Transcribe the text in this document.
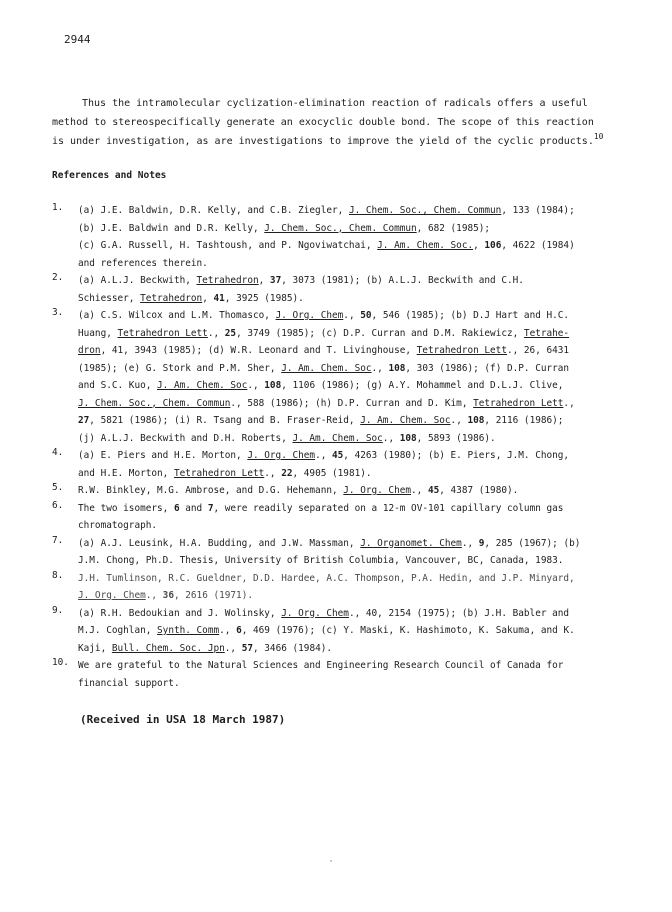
2944
Thus the intramolecular cyclization-elimination reaction of radicals offers a useful
method to stereospecifically generate an exocyclic double bond. The scope of this reaction
is under investigation, as are investigations to improve the yield of the cyclic products.$^{10}$
References and Notes
1.	(a) J.E. Baldwin, D.R. Kelly, and C.B. Ziegler, J. Chem. Soc., Chem. Commun, 133 (1984);
(b) J.E. Baldwin and D.R. Kelly, J. Chem. Soc., Chem. Commun, 682 (1985);
(c) G.A. Russell, H. Tashtoush, and P. Ngoviwatchai, J. Am. Chem. Soc., 106, 4622 (1984)
and references therein.
2.	(a) A.L.J. Beckwith, Tetrahedron, 37, 3073 (1981); (b) A.L.J. Beckwith and C.H.
Schiesser, Tetrahedron, 41, 3925 (1985).
3.	(a) C.S. Wilcox and L.M. Thomasco, J. Org. Chem., 50, 546 (1985); (b) D.J Hart and H.C.
Huang, Tetrahedron Lett., 25, 3749 (1985); (c) D.P. Curran and D.M. Rakiewicz, Tetrahe-
dron, 41, 3943 (1985); (d) W.R. Leonard and T. Livinghouse, Tetrahedron Lett., 26, 6431
(1985); (e) G. Stork and P.M. Sher, J. Am. Chem. Soc., 108, 303 (1986); (f) D.P. Curran
and S.C. Kuo, J. Am. Chem. Soc., 108, 1106 (1986); (g) A.Y. Mohammel and D.L.J. Clive,
J. Chem. Soc., Chem. Commun., 588 (1986); (h) D.P. Curran and D. Kim, Tetrahedron Lett.,
27, 5821 (1986); (i) R. Tsang and B. Fraser-Reid, J. Am. Chem. Soc., 108, 2116 (1986);
(j) A.L.J. Beckwith and D.H. Roberts, J. Am. Chem. Soc., 108, 5893 (1986).
4.	(a) E. Piers and H.E. Morton, J. Org. Chem., 45, 4263 (1980); (b) E. Piers, J.M. Chong,
and H.E. Morton, Tetrahedron Lett., 22, 4905 (1981).
5.	R.W. Binkley, M.G. Ambrose, and D.G. Hehemann, J. Org. Chem., 45, 4387 (1980).
6.	The two isomers, 6 and 7, were readily separated on a 12-m OV-101 capillary column gas
chromatograph.
7.	(a) A.J. Leusink, H.A. Budding, and J.W. Massman, J. Organomet. Chem., 9, 285 (1967); (b)
J.M. Chong, Ph.D. Thesis, University of British Columbia, Vancouver, BC, Canada, 1983.
8.	J.H. Tumlinson, R.C. Gueldner, D.D. Hardee, A.C. Thompson, P.A. Hedin, and J.P. Minyard,
J. Org. Chem., 36, 2616 (1971).
9.	(a) R.H. Bedoukian and J. Wolinsky, J. Org. Chem., 40, 2154 (1975); (b) J.H. Babler and
M.J. Coghlan, Synth. Comm., 6, 469 (1976); (c) Y. Maski, K. Hashimoto, K. Sakuma, and K.
Kaji, Bull. Chem. Soc. Jpn., 57, 3466 (1984).
10. We are grateful to the Natural Sciences and Engineering Research Council of Canada for
financial support.
(Received in USA 18 March 1987)
